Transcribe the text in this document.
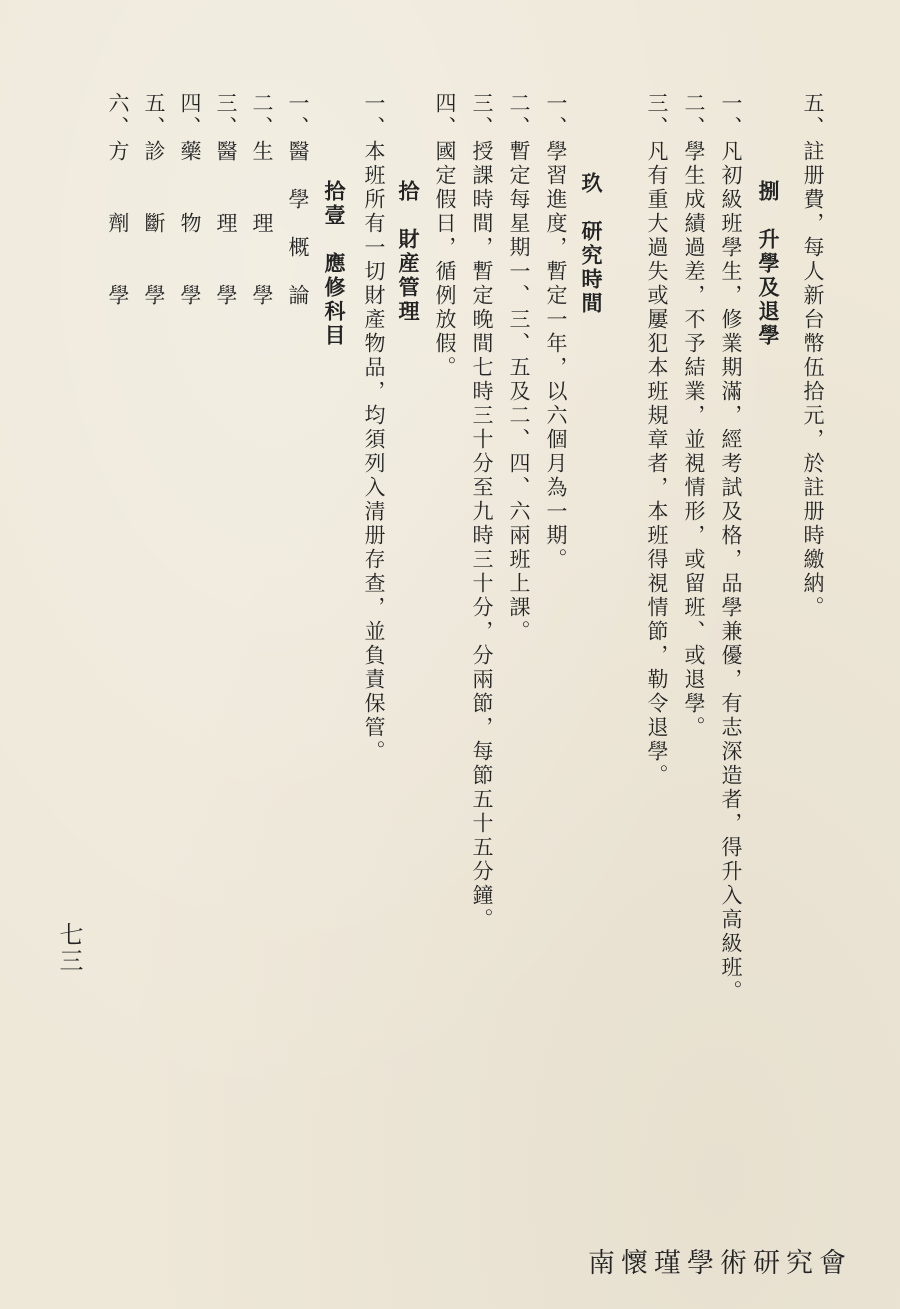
五、註册費，每人新台幣伍拾元，於註册時繳納。
捌　升學及退學
一、凡初級班學生，修業期滿，經考試及格，品學兼優，有志深造者，得升入高級班。
二、學生成績過差，不予結業，並視情形，或留班、或退學。
三、凡有重大過失或屢犯本班規章者，本班得視情節，勒令退學。
玖　研究時間
一、學習進度，暫定一年，以六個月為一期。
二、暫定每星期一、三、五及二、四、六兩班上課。
三、授課時間，暫定晚間七時三十分至九時三十分，分兩節，每節五十五分鐘。
四、國定假日，循例放假。
拾　財産管理
一、本班所有一切財產物品，均須列入清册存查，並負責保管。
拾壹　應修科目
一、醫　學　概　論
二、生　　理　　學
三、醫　　理　　學
四、藥　　物　　學
五、診　　斷　　學
六、方　　劑　　學
七三
南懷瑾學術研究會
